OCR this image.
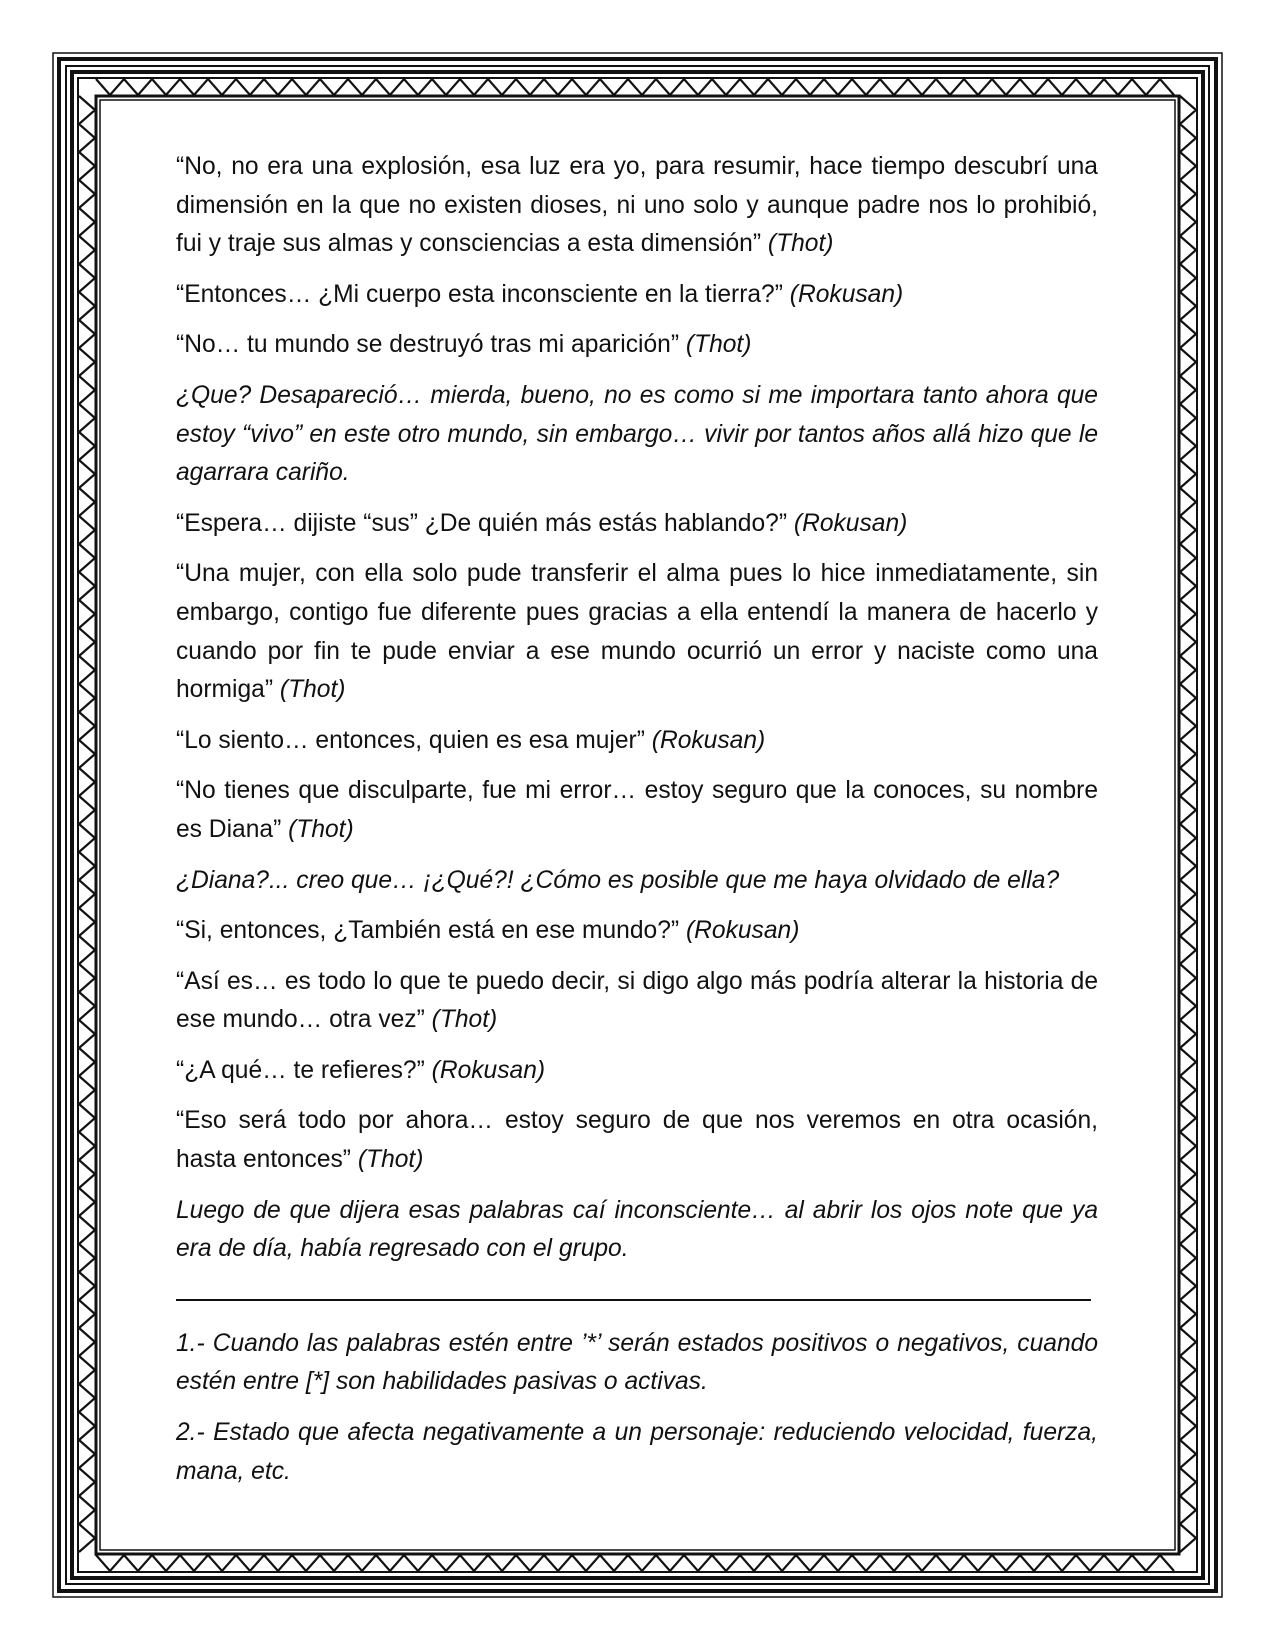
“No, no era una explosión, esa luz era yo, para resumir, hace tiempo descubrí una dimensión en la que no existen dioses, ni uno solo y aunque padre nos lo prohibió, fui y traje sus almas y consciencias a esta dimensión” (Thot)

“Entonces… ¿Mi cuerpo esta inconsciente en la tierra?” (Rokusan)

“No… tu mundo se destruyó tras mi aparición” (Thot)

¿Que? Desapareció… mierda, bueno, no es como si me importara tanto ahora que estoy “vivo” en este otro mundo, sin embargo… vivir por tantos años allá hizo que le agarrara cariño.

“Espera… dijiste “sus” ¿De quién más estás hablando?” (Rokusan)

“Una mujer, con ella solo pude transferir el alma pues lo hice inmediatamente, sin embargo, contigo fue diferente pues gracias a ella entendí la manera de hacerlo y cuando por fin te pude enviar a ese mundo ocurrió un error y naciste como una hormiga” (Thot)

“Lo siento… entonces, quien es esa mujer” (Rokusan)

“No tienes que disculparte, fue mi error… estoy seguro que la conoces, su nombre es Diana” (Thot)

¿Diana?... creo que… ¡¿Qué?! ¿Cómo es posible que me haya olvidado de ella?

“Si, entonces, ¿También está en ese mundo?” (Rokusan)

“Así es… es todo lo que te puedo decir, si digo algo más podría alterar la historia de ese mundo… otra vez” (Thot)

“¿A qué… te refieres?” (Rokusan)

“Eso será todo por ahora… estoy seguro de que nos veremos en otra ocasión, hasta entonces” (Thot)

Luego de que dijera esas palabras caí inconsciente… al abrir los ojos note que ya era de día, había regresado con el grupo.

1.- Cuando las palabras estén entre ’*’ serán estados positivos o negativos, cuando estén entre [*] son habilidades pasivas o activas.

2.- Estado que afecta negativamente a un personaje: reduciendo velocidad, fuerza, mana, etc.
